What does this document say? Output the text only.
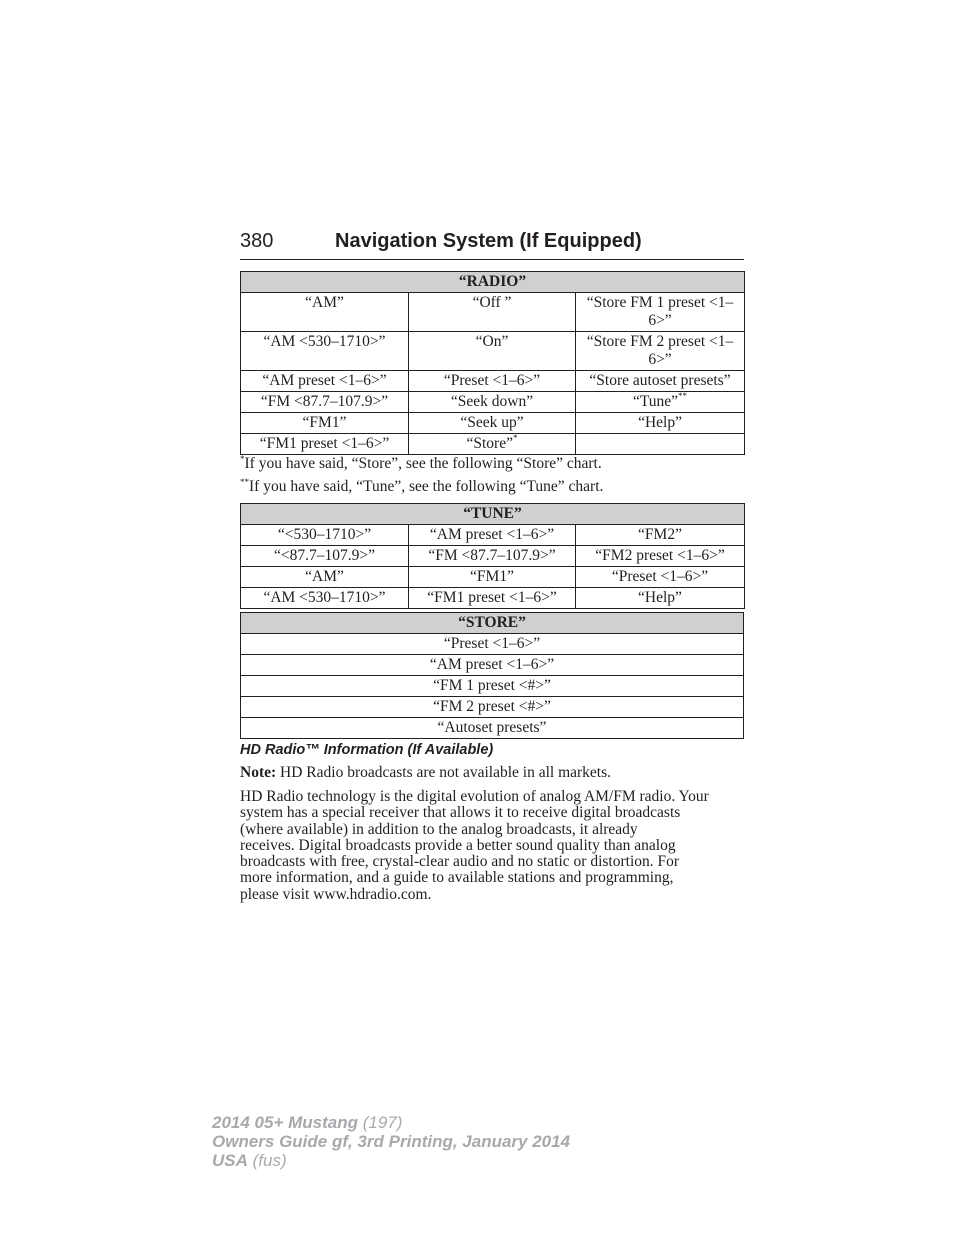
380	Navigation System (If Equipped)
“RADIO”		
“AM”	“Off ”	“Store FM 1 preset <1–6>”
“AM <530–1710>”	“On”	“Store FM 2 preset <1–6>”
“AM preset <1–6>”	“Preset <1–6>”	“Store autoset presets”
“FM <87.7–107.9>”	“Seek down”	“Tune”**
“FM1”	“Seek up”	“Help”
“FM1 preset <1–6>”	“Store”*	
*If you have said, “Store”, see the following “Store” chart.
**If you have said, “Tune”, see the following “Tune” chart.
“TUNE”		
“<530–1710>”	“AM preset <1–6>”	“FM2”
“<87.7–107.9>”	“FM <87.7–107.9>”	“FM2 preset <1–6>”
“AM”	“FM1”	“Preset <1–6>”
“AM <530–1710>”	“FM1 preset <1–6>”	“Help”
“STORE”
“Preset <1–6>”
“AM preset <1–6>”
“FM 1 preset <#>”
“FM 2 preset <#>”
“Autoset presets”
HD Radio™ Information (If Available)
Note: HD Radio broadcasts are not available in all markets.
HD Radio technology is the digital evolution of analog AM/FM radio. Your
system has a special receiver that allows it to receive digital broadcasts
(where available) in addition to the analog broadcasts, it already
receives. Digital broadcasts provide a better sound quality than analog
broadcasts with free, crystal-clear audio and no static or distortion. For
more information, and a guide to available stations and programming,
please visit www.hdradio.com.
2014 05+ Mustang (197)
Owners Guide gf, 3rd Printing, January 2014
USA (fus)
